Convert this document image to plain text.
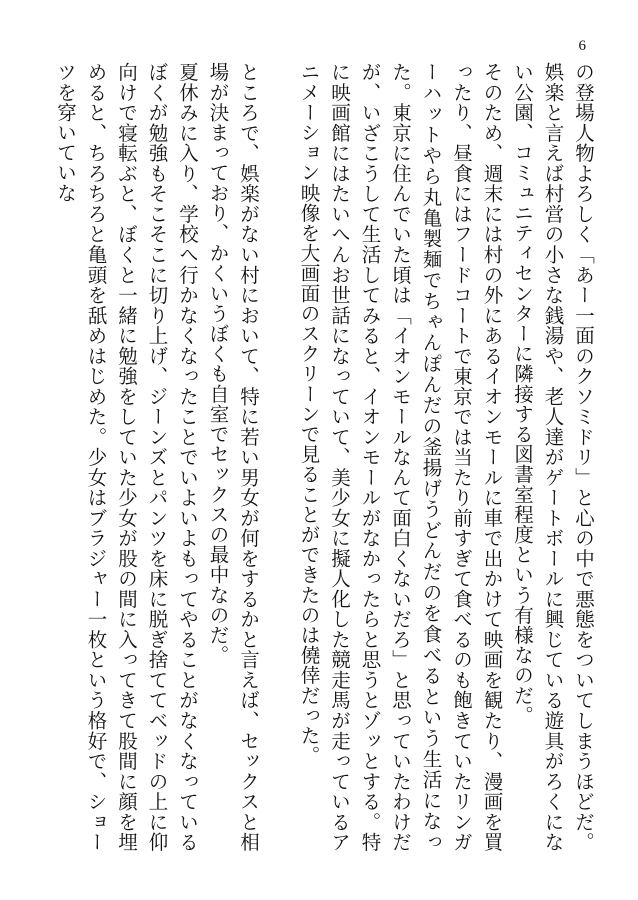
6

の登場人物よろしく「あー一面のクソミドリ」と心の中で悪態をついてしまうほどだ。娯楽と言えば村営の小さな銭湯や、老人達がゲートボールに興じている遊具がろくにない公園、コミュニティセンターに隣接する図書室程度という有様なのだ。

そのため、週末には村の外にあるイオンモールに車で出かけて映画を観たり、漫画を買ったり、昼食にはフードコートで東京では当たり前すぎて食べるのも飽きていたリンガーハットやら丸亀製麺でちゃんぽんだの釜揚げうどんだのを食べるという生活になった。東京に住んでいた頃は「イオンモールなんて面白くないだろ」と思っていたわけだが、いざこうして生活してみると、イオンモールがなかったらと思うとゾッとする。特に映画館にはたいへんお世話になっていて、美少女に擬人化した競走馬が走っているアニメーション映像を大画面のスクリーンで見ることができたのは僥倖だった。

ところで、娯楽がない村において、特に若い男女が何をするかと言えば、セックスと相場が決まっており、かくいうぼくも自室でセックスの最中なのだ。

夏休みに入り、学校へ行かなくなったことでいよいよもってやることがなくなっているぼくが勉強もそこそこに切り上げ、ジーンズとパンツを床に脱ぎ捨ててベッドの上に仰向けで寝転ぶと、ぼくと一緒に勉強をしていた少女が股の間に入ってきて股間に顔を埋めると、ちろちろと亀頭を舐めはじめた。少女はブラジャー一枚という格好で、ショーツを穿いていな
